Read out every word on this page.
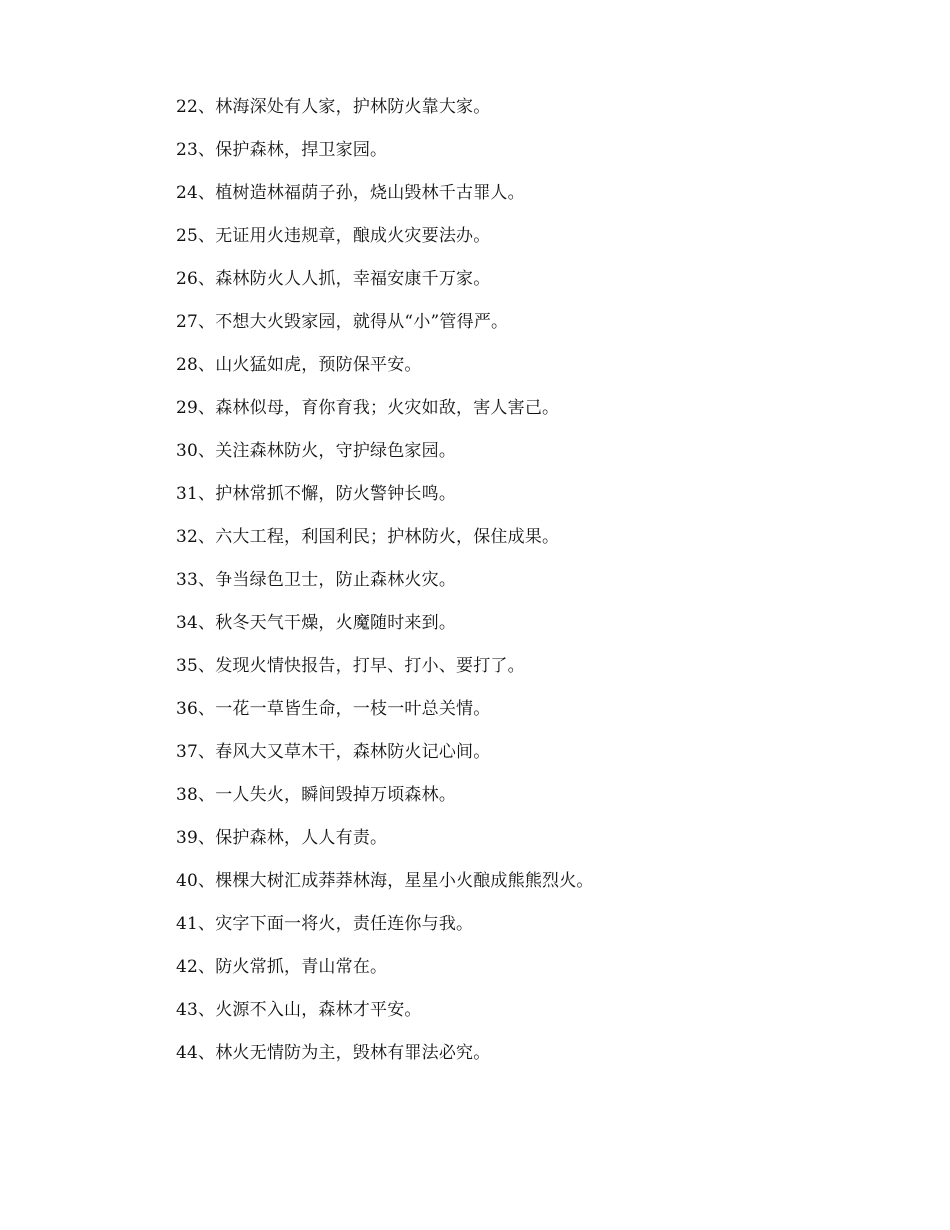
22、林海深处有人家，护林防火靠大家。
23、保护森林，捍卫家园。
24、植树造林福荫子孙，烧山毁林千古罪人。
25、无证用火违规章，酿成火灾要法办。
26、森林防火人人抓，幸福安康千万家。
27、不想大火毁家园，就得从“小”管得严。
28、山火猛如虎，预防保平安。
29、森林似母，育你育我；火灾如敌，害人害己。
30、关注森林防火，守护绿色家园。
31、护林常抓不懈，防火警钟长鸣。
32、六大工程，利国利民；护林防火，保住成果。
33、争当绿色卫士，防止森林火灾。
34、秋冬天气干燥，火魔随时来到。
35、发现火情快报告，打早、打小、要打了。
36、一花一草皆生命，一枝一叶总关情。
37、春风大又草木干，森林防火记心间。
38、一人失火，瞬间毁掉万顷森林。
39、保护森林，人人有责。
40、棵棵大树汇成莽莽林海，星星小火酿成熊熊烈火。
41、灾字下面一将火，责任连你与我。
42、防火常抓，青山常在。
43、火源不入山，森林才平安。
44、林火无情防为主，毁林有罪法必究。
